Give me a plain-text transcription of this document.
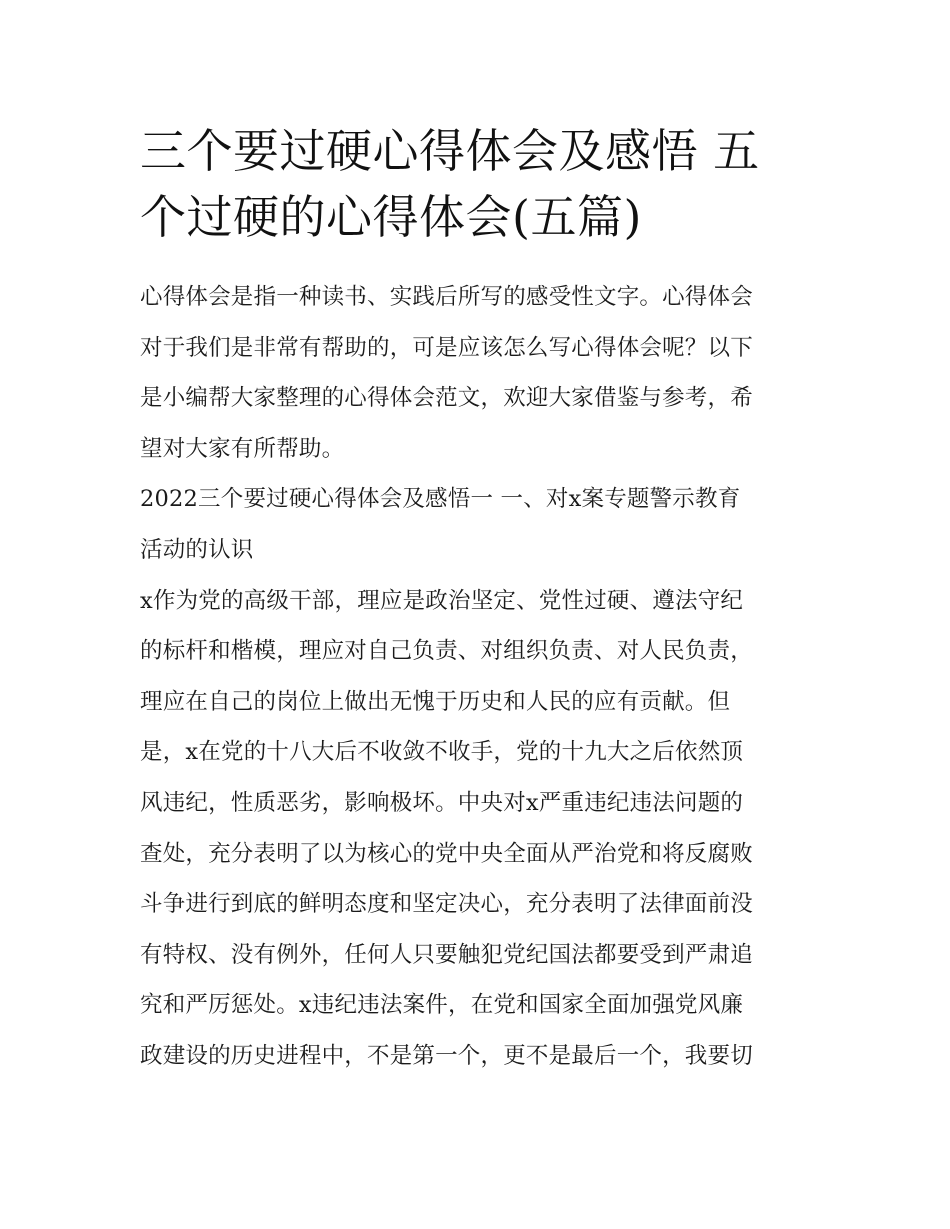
三个要过硬心得体会及感悟 五
个过硬的心得体会(五篇)

心得体会是指一种读书、实践后所写的感受性文字。心得体会
对于我们是非常有帮助的，可是应该怎么写心得体会呢？以下
是小编帮大家整理的心得体会范文，欢迎大家借鉴与参考，希
望对大家有所帮助。

2022三个要过硬心得体会及感悟一 一、对x案专题警示教育
活动的认识

x作为党的高级干部，理应是政治坚定、党性过硬、遵法守纪
的标杆和楷模，理应对自己负责、对组织负责、对人民负责，
理应在自己的岗位上做出无愧于历史和人民的应有贡献。但
是，x在党的十八大后不收敛不收手，党的十九大之后依然顶
风违纪，性质恶劣，影响极坏。中央对x严重违纪违法问题的
查处，充分表明了以为核心的党中央全面从严治党和将反腐败
斗争进行到底的鲜明态度和坚定决心，充分表明了法律面前没
有特权、没有例外，任何人只要触犯党纪国法都要受到严肃追
究和严厉惩处。x违纪违法案件，在党和国家全面加强党风廉
政建设的历史进程中，不是第一个，更不是最后一个，我要切
